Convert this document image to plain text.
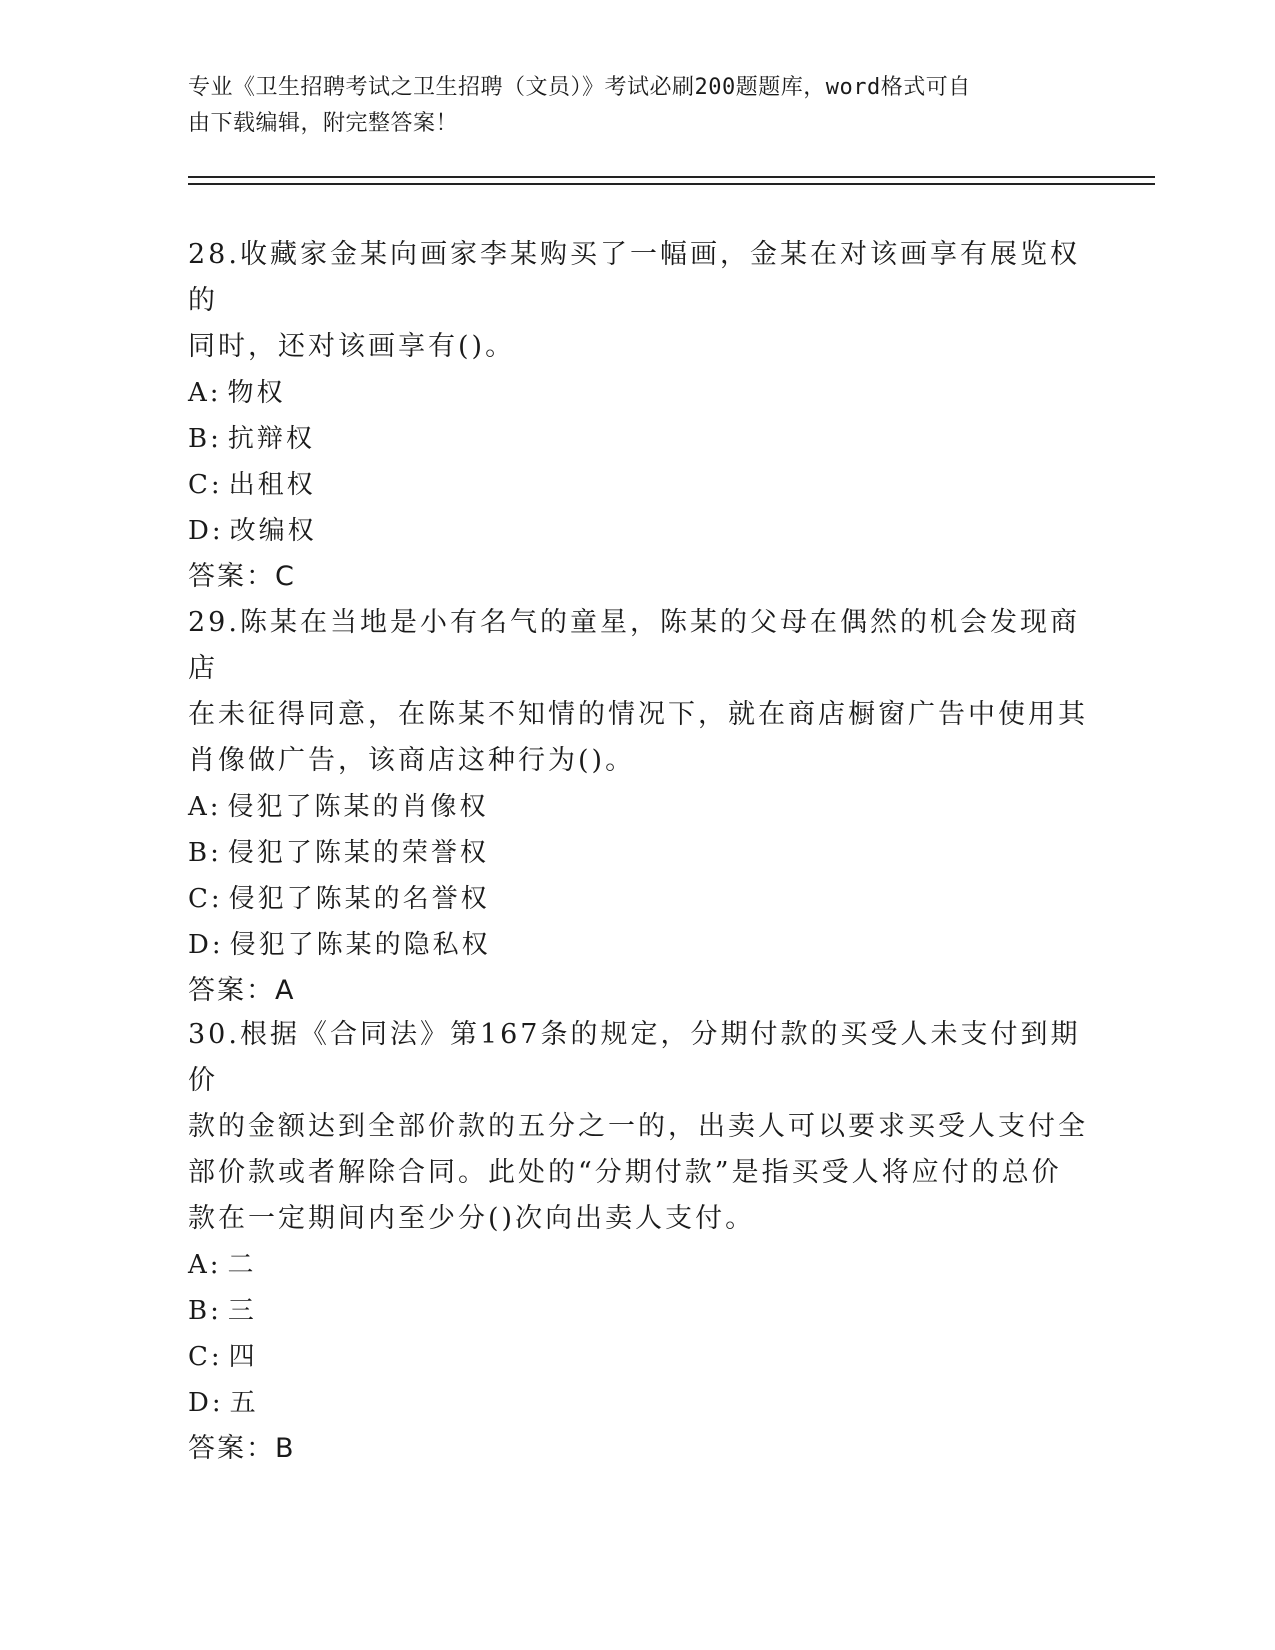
专业《卫生招聘考试之卫生招聘（文员）》考试必刷200题题库，word格式可自
由下载编辑，附完整答案！
28.收藏家金某向画家李某购买了一幅画，金某在对该画享有展览权的
同时，还对该画享有()。
A: 物权
B: 抗辩权
C: 出租权
D: 改编权
答案：C
29.陈某在当地是小有名气的童星，陈某的父母在偶然的机会发现商店
在未征得同意，在陈某不知情的情况下，就在商店橱窗广告中使用其
肖像做广告，该商店这种行为()。
A: 侵犯了陈某的肖像权
B: 侵犯了陈某的荣誉权
C: 侵犯了陈某的名誉权
D: 侵犯了陈某的隐私权
答案：A
30.根据《合同法》第167条的规定，分期付款的买受人未支付到期价
款的金额达到全部价款的五分之一的，出卖人可以要求买受人支付全
部价款或者解除合同。此处的“分期付款”是指买受人将应付的总价
款在一定期间内至少分()次向出卖人支付。
A: 二
B: 三
C: 四
D: 五
答案：B
